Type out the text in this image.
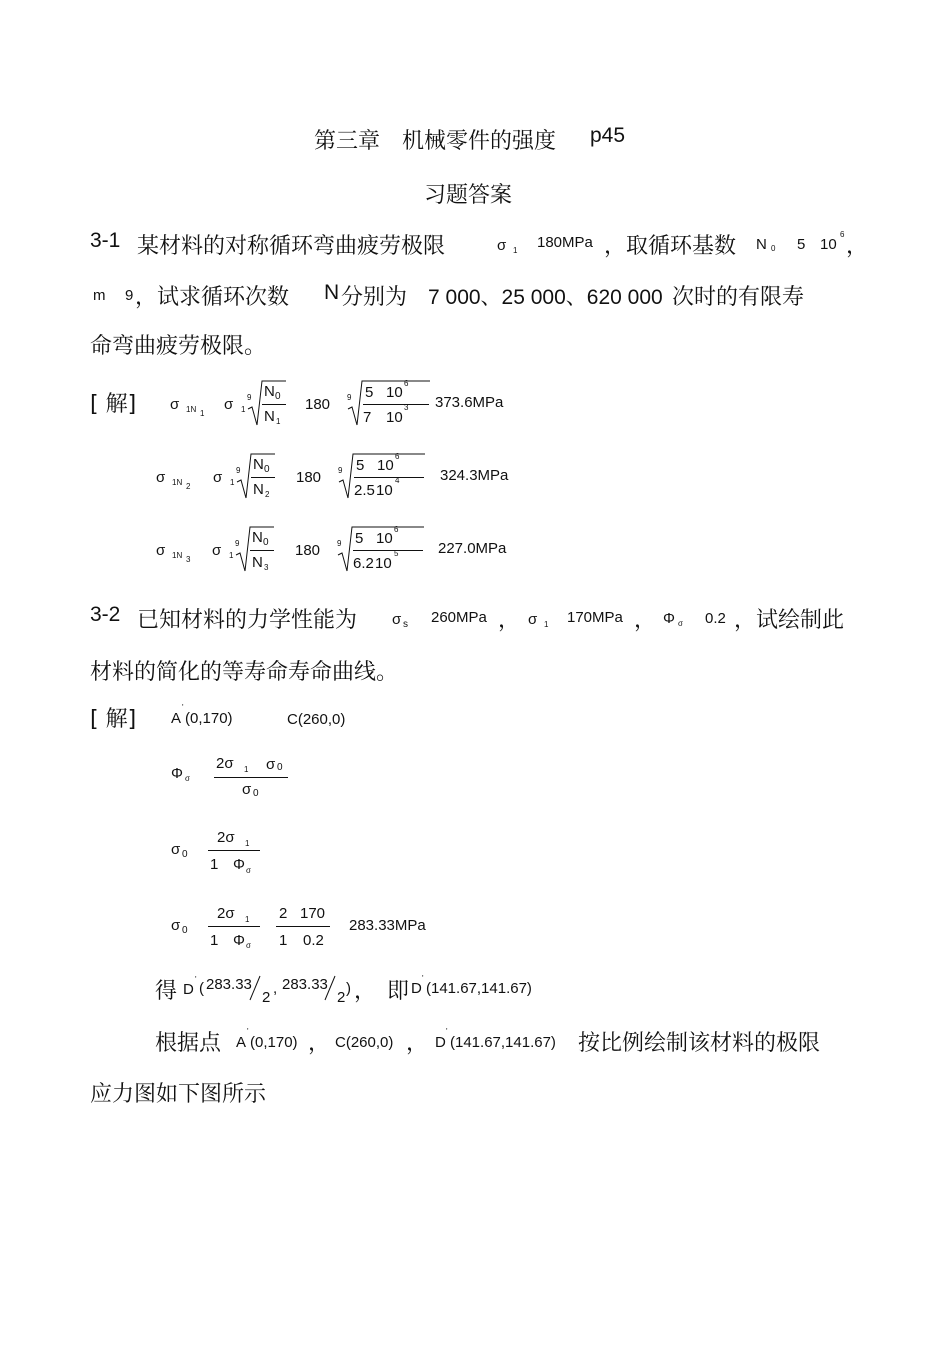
第三章　机械零件的强度 p45
习题答案
3-1 某材料的对称循环弯曲疲劳极限	σ 1 180MPa ，取循环基数 N 0 5 10
6 ，
m 9 ，试求循环次数 N 分别为 7 000、25 000、620 000 次时的有限寿
命弯曲疲劳极限。
[ 解] σ 1N 1
σ 1
9 N 0
N 1
180 9 5 10
6
7 10
3 373.6MPa
σ 1N 2
σ 1
9 N 0
N 2
180 9 5 10
6
2.5 10
4	324.3MPa
σ 1N 3
σ 1
9 N 0
N 3
180 9 5 10
6
6.2 10
5	227.0MPa
3-2 已知材料的力学性能为 σ s 260MPa ， σ 1 170MPa ， Φ σ 0.2 ，试绘制此
材料的简化的等寿命寿命曲线。
[ 解] A
'
(0,170)	C(260,0)
Φ σ
2σ 1 σ 0
σ 0
σ 0
2σ 1
1 Φ σ
σ 0
2σ 1
1 Φ σ
2 170
1 0.2
283.33MPa
得 D
'
( 283.33
2
, 283.33
2
) ，　即 D
'
(141.67,141.67)
根据点 A
'
(0,170) ， C(260,0) ， D
'
(141.67,141.67) 按比例绘制该材料的极限
应力图如下图所示
